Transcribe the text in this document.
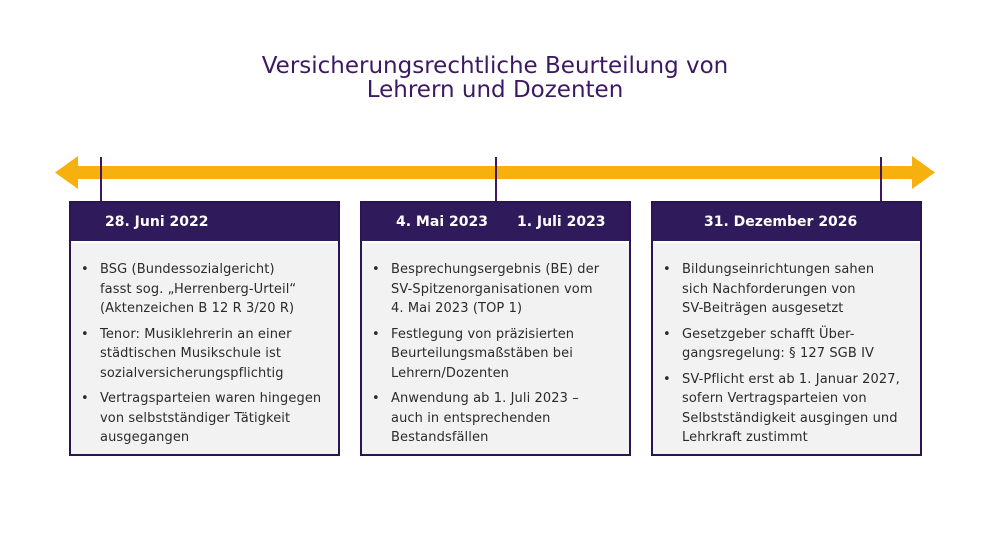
Versicherungsrechtliche Beurteilung von
Lehrern und Dozenten
28. Juni 2022
• BSG (Bundessozialgericht)
fasst sog. „Herrenberg-Urteil“
(Aktenzeichen B 12 R 3/20 R)
• Tenor: Musiklehrerin an einer
städtischen Musikschule ist
sozialversicherungspflichtig
• Vertragsparteien waren hingegen
von selbstständiger Tätigkeit
ausgegangen
4. Mai 2023 1. Juli 2023
• Besprechungsergebnis (BE) der
SV-Spitzenorganisationen vom
4. Mai 2023 (TOP 1)
• Festlegung von präzisierten
Beurteilungsmaßstäben bei
Lehrern/Dozenten
• Anwendung ab 1. Juli 2023 –
auch in entsprechenden
Bestandsfällen
31. Dezember 2026
• Bildungseinrichtungen sahen
sich Nachforderungen von
SV-Beiträgen ausgesetzt
• Gesetzgeber schafft Über-
gangsregelung: § 127 SGB IV
• SV-Pflicht erst ab 1. Januar 2027,
sofern Vertragsparteien von
Selbstständigkeit ausgingen und
Lehrkraft zustimmt
